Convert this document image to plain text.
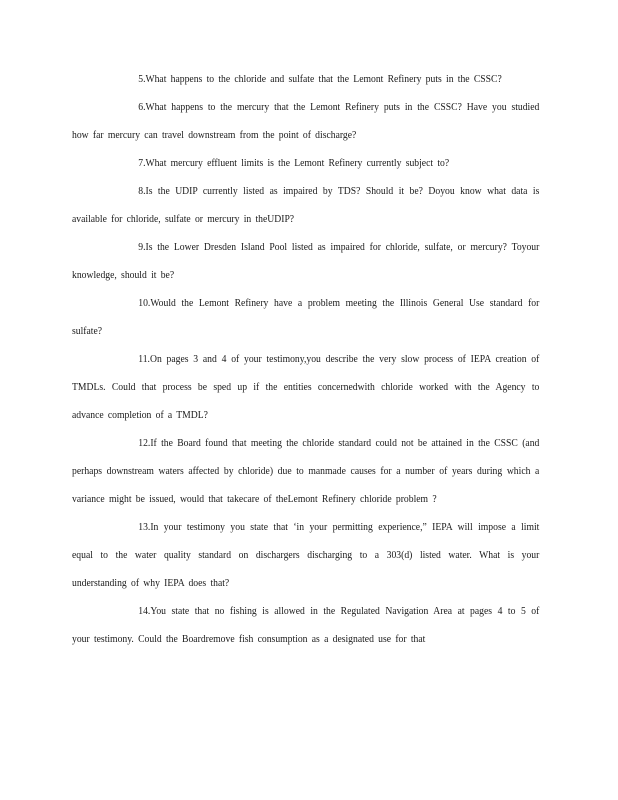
5.What happens to the chloride and sulfate that the Lemont Refinery puts in the CSSC?

6.What happens to the mercury that the Lemont Refinery puts in the CSSC? Have you studied how far mercury can travel downstream from the point of discharge?

7.What mercury effluent limits is the Lemont Refinery currently subject to?

8.Is the UDIP currently listed as impaired by TDS? Should it be? Doyou know what data is available for chloride, sulfate or mercury in theUDIP?

9.Is the Lower Dresden Island Pool listed as impaired for chloride, sulfate, or mercury? Toyour knowledge, should it be?

10.Would the Lemont Refinery have a problem meeting the Illinois General Use standard for sulfate?

11.On pages 3 and 4 of your testimony,you describe the very slow process of IEPA creation of TMDLs. Could that process be sped up if the entities concernedwith chloride worked with the Agency to advance completion of a TMDL?

12.If the Board found that meeting the chloride standard could not be attained in the CSSC (and perhaps downstream waters affected by chloride) due to manmade causes for a number of years during which a variance might be issued, would that takecare of theLemont Refinery chloride problem ?

13.In your testimony you state that ‘in your permitting experience,” IEPA will impose a limit equal to the water quality standard on dischargers discharging to a 303(d) listed water. What is your understanding of why IEPA does that?

14.You state that no fishing is allowed in the Regulated Navigation Area at pages 4 to 5 of your testimony. Could the Boardremove fish consumption as a designated use for that
